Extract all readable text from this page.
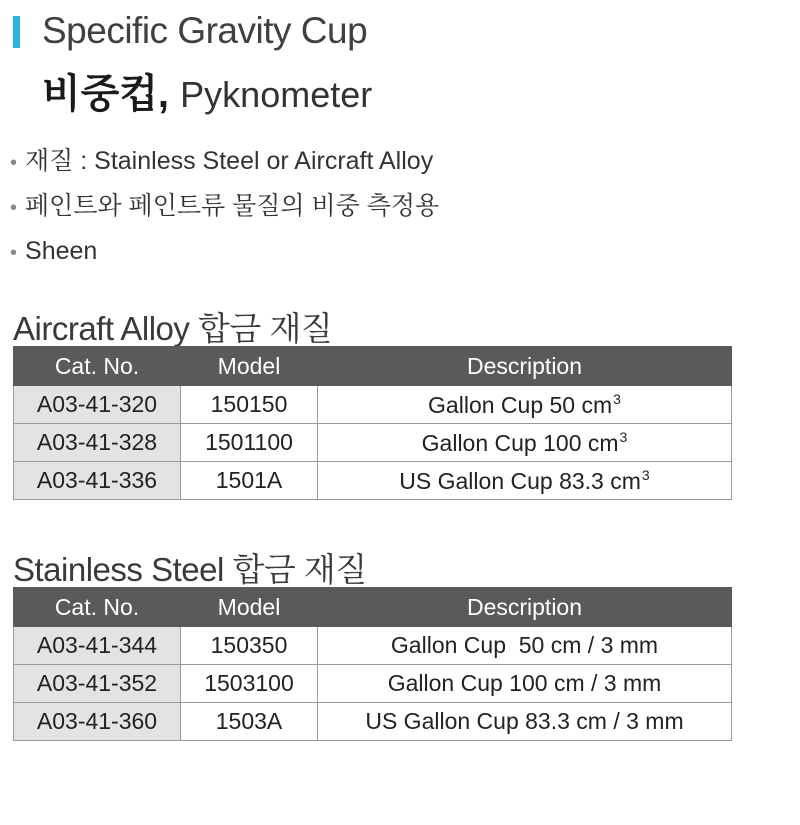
Specific Gravity Cup
비중컵, Pyknometer
• 재질 : Stainless Steel or Aircraft Alloy
• 페인트와 페인트류 물질의 비중 측정용
• Sheen
Aircraft Alloy 합금 재질
Cat. No.	Model	Description
A03-41-320	150150	Gallon Cup 50 $cm^3$
A03-41-328	1501100	Gallon Cup 100 $cm^3$
A03-41-336	1501A	US Gallon Cup 83.3 $cm^3$
Stainless Steel 합금 재질
Cat. No.	Model	Description
A03-41-344	150350	Gallon Cup  50 cm / 3 mm
A03-41-352	1503100	Gallon Cup 100 cm / 3 mm
A03-41-360	1503A	US Gallon Cup 83.3 cm / 3 mm
